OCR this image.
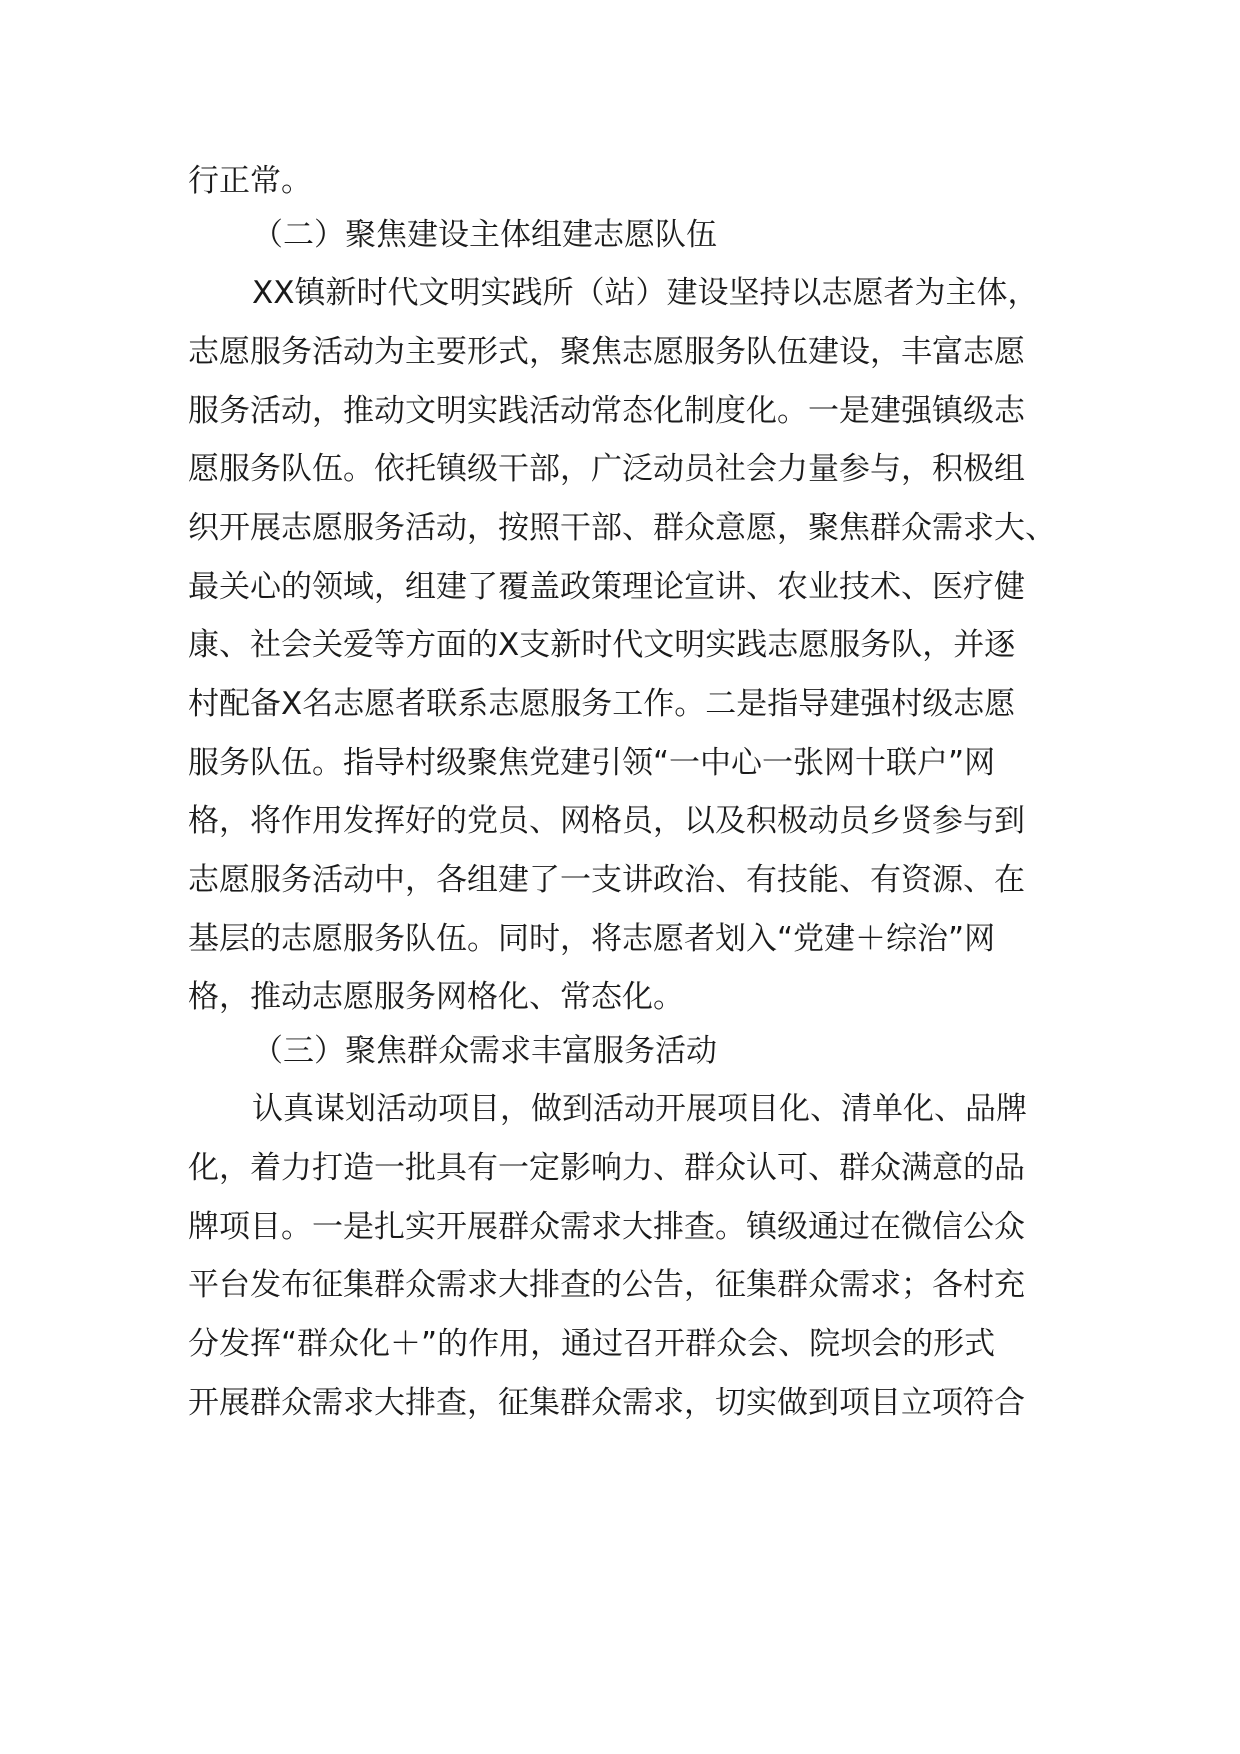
行正常。
（二）聚焦建设主体组建志愿队伍
XX镇新时代文明实践所（站）建设坚持以志愿者为主体，
志愿服务活动为主要形式，聚焦志愿服务队伍建设，丰富志愿
服务活动，推动文明实践活动常态化制度化。一是建强镇级志
愿服务队伍。依托镇级干部，广泛动员社会力量参与，积极组
织开展志愿服务活动，按照干部、群众意愿，聚焦群众需求大、
最关心的领域，组建了覆盖政策理论宣讲、农业技术、医疗健
康、社会关爱等方面的X支新时代文明实践志愿服务队，并逐
村配备X名志愿者联系志愿服务工作。二是指导建强村级志愿
服务队伍。指导村级聚焦党建引领“一中心一张网十联户”网
格，将作用发挥好的党员、网格员，以及积极动员乡贤参与到
志愿服务活动中，各组建了一支讲政治、有技能、有资源、在
基层的志愿服务队伍。同时，将志愿者划入“党建＋综治”网
格，推动志愿服务网格化、常态化。
（三）聚焦群众需求丰富服务活动
认真谋划活动项目，做到活动开展项目化、清单化、品牌
化，着力打造一批具有一定影响力、群众认可、群众满意的品
牌项目。一是扎实开展群众需求大排查。镇级通过在微信公众
平台发布征集群众需求大排查的公告，征集群众需求；各村充
分发挥“群众化＋”的作用，通过召开群众会、院坝会的形式
开展群众需求大排查，征集群众需求，切实做到项目立项符合
